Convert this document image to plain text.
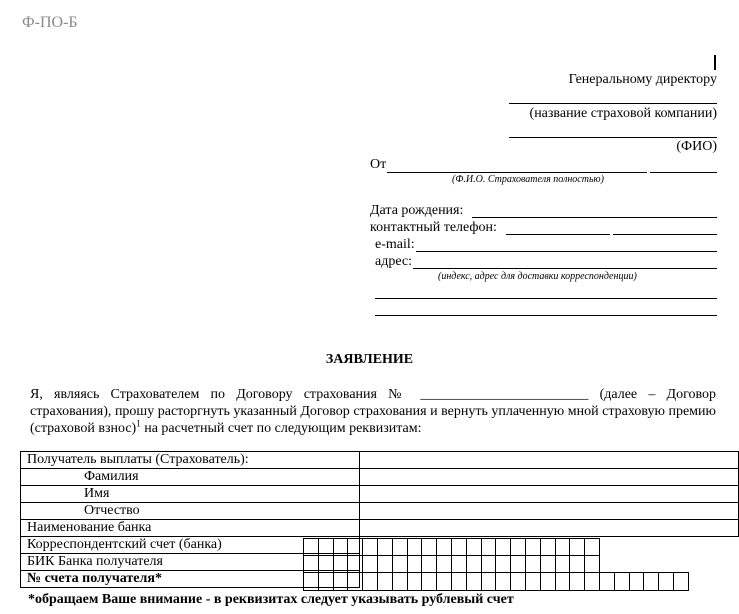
Ф-ПО-Б
Генеральному директору
(название страховой компании)
(ФИО)
От
(Ф.И.О. Страхователя полностью)
Дата рождения:
контактный телефон:
e-mail:
адрес:
(индекс, адрес для доставки корреспонденции)
ЗАЯВЛЕНИЕ

Я, являясь Страхователем по Договору страхования № ________________________ (далее – Договор страхования), прошу расторгнуть указанный Договор страхования и вернуть уплаченную мной страховую премию (страховой взнос)$^1$ на расчетный счет по следующим реквизитам:

Получатель выплаты (Страхователь):	
Фамилия	
Имя	
Отчество	
Наименование банка	
Корреспондентский счет (банка)	
БИК Банка получателя	
№ счета получателя*	
*обращаем Ваше внимание - в реквизитах следует указывать рублевый счет
